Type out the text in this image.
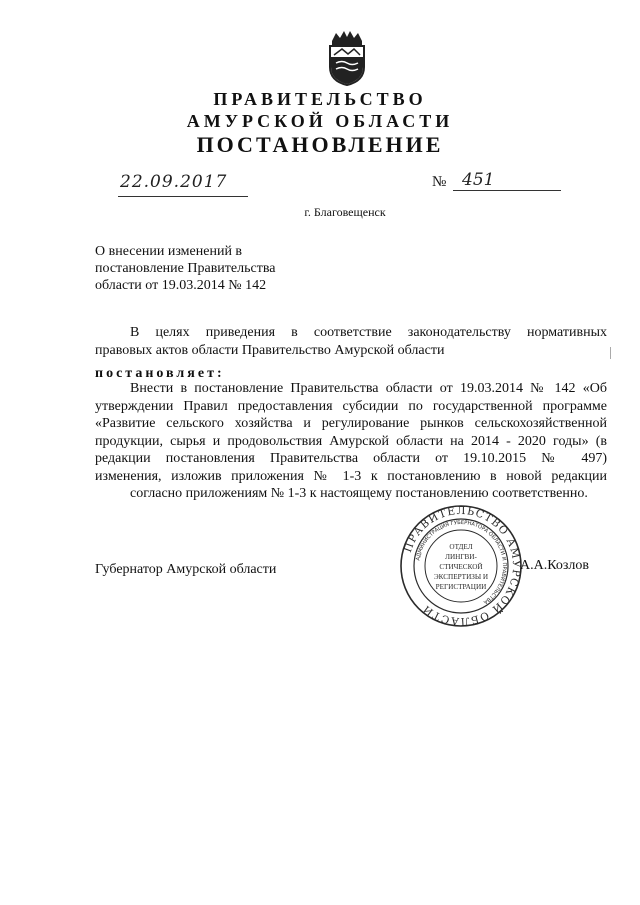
ПРАВИТЕЛЬСТВО
АМУРСКОЙ ОБЛАСТИ
ПОСТАНОВЛЕНИЕ
22.09.2017	№ 451
г. Благовещенск
О внесении изменений в
постановление Правительства
области от 19.03.2014 № 142
В целях приведения в соответствие законодательству нормативных
правовых актов области Правительство Амурской области
постановляет:
Внести в постановление Правительства области от 19.03.2014 № 142 «Об
утверждении Правил предоставления субсидии по государственной программе
«Развитие сельского хозяйства и регулирование рынков сельскохозяйственной
продукции, сырья и продовольствия Амурской области на 2014 - 2020 годы» (в
редакции постановления Правительства области от 19.10.2015 № 497)
изменения, изложив приложения № 1-3 к постановлению в новой редакции
согласно приложениям № 1-3 к настоящему постановлению соответственно.
ПРАВИТЕЛЬСТВО АМУРСКОЙ ОБЛАСТИ
АДМИНИСТРАЦИЯ ГУБЕРНАТОРА ОБЛАСТИ И ПРАВИТЕЛЬСТВА
ОТДЕЛ
ЛИНГВИ-
СТИЧЕСКОЙ
ЭКСПЕРТИЗЫ И
РЕГИСТРАЦИИ
Губернатор Амурской области	А.А.Козлов
